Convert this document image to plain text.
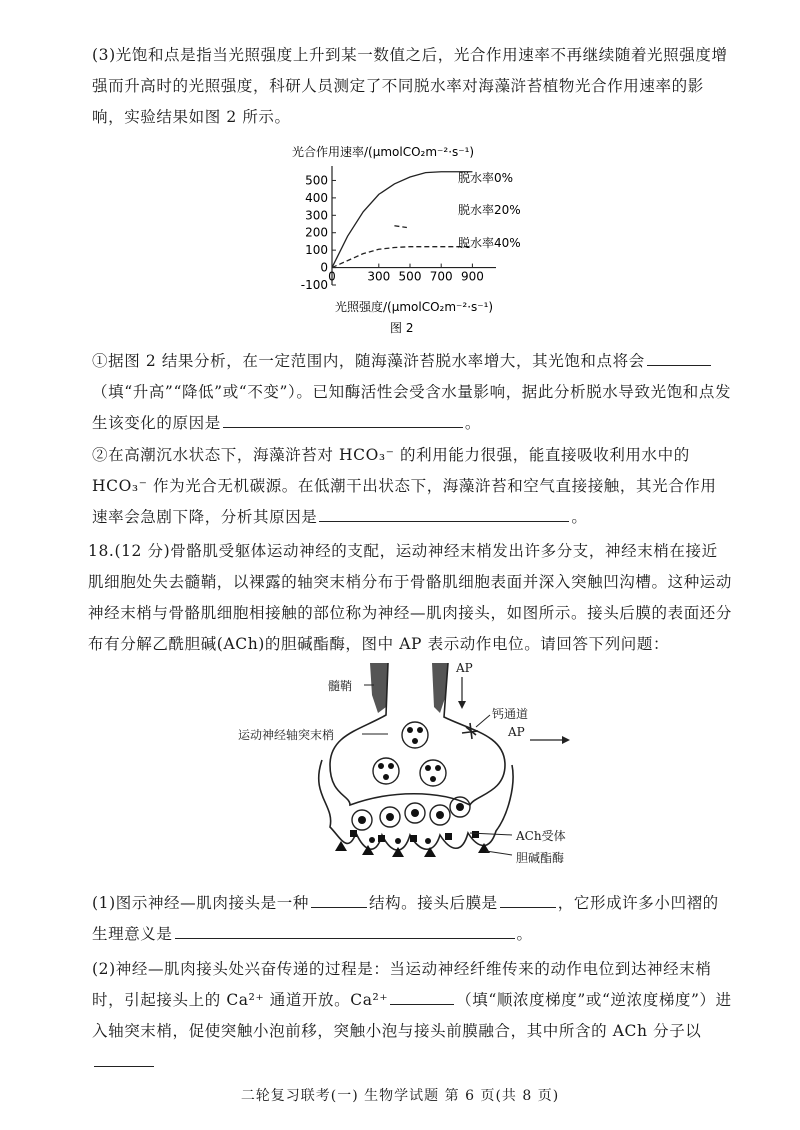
(3)光饱和点是指当光照强度上升到某一数值之后，光合作用速率不再继续随着光照强度增强而升高时的光照强度，科研人员测定了不同脱水率对海藻浒苔植物光合作用速率的影响，实验结果如图 2 所示。

光合作用速率/(μmolCO₂m⁻²·s⁻¹)
-100
0
100
200
300
400
500
0	300 500 700 900
脱水率0%
脱水率20%
脱水率40%
光照强度/(μmolCO₂m⁻²·s⁻¹)
图 2

①据图 2 结果分析，在一定范围内，随海藻浒苔脱水率增大，其光饱和点将会（填“升高”“降低”或“不变”）。已知酶活性会受含水量影响，据此分析脱水导致光饱和点发生该变化的原因是	。

②在高潮沉水状态下，海藻浒苔对 HCO₃⁻ 的利用能力很强，能直接吸收利用水中的 HCO₃⁻ 作为光合无机碳源。在低潮干出状态下，海藻浒苔和空气直接接触，其光合作用速率会急剧下降，分析其原因是	。

18.(12 分)骨骼肌受躯体运动神经的支配，运动神经末梢发出许多分支，神经末梢在接近肌细胞处失去髓鞘，以裸露的轴突末梢分布于骨骼肌细胞表面并深入突触凹沟槽。这种运动神经末梢与骨骼肌细胞相接触的部位称为神经—肌肉接头，如图所示。接头后膜的表面还分布有分解乙酰胆碱(ACh)的胆碱酯酶，图中 AP 表示动作电位。请回答下列问题：

髓鞘
运动神经轴突末梢
AP
AP
钙通道
ACh受体
胆碱酯酶

(1)图示神经—肌肉接头是一种	结构。接头后膜是	，它形成许多小凹褶的生理意义是	。

(2)神经—肌肉接头处兴奋传递的过程是：当运动神经纤维传来的动作电位到达神经末梢时，引起接头上的 Ca²⁺ 通道开放。Ca²⁺	（填“顺浓度梯度”或“逆浓度梯度”）进入轴突末梢，促使突触小泡前移，突触小泡与接头前膜融合，其中所含的 ACh 分子以

二轮复习联考(一) 生物学试题 第 6 页(共 8 页)
